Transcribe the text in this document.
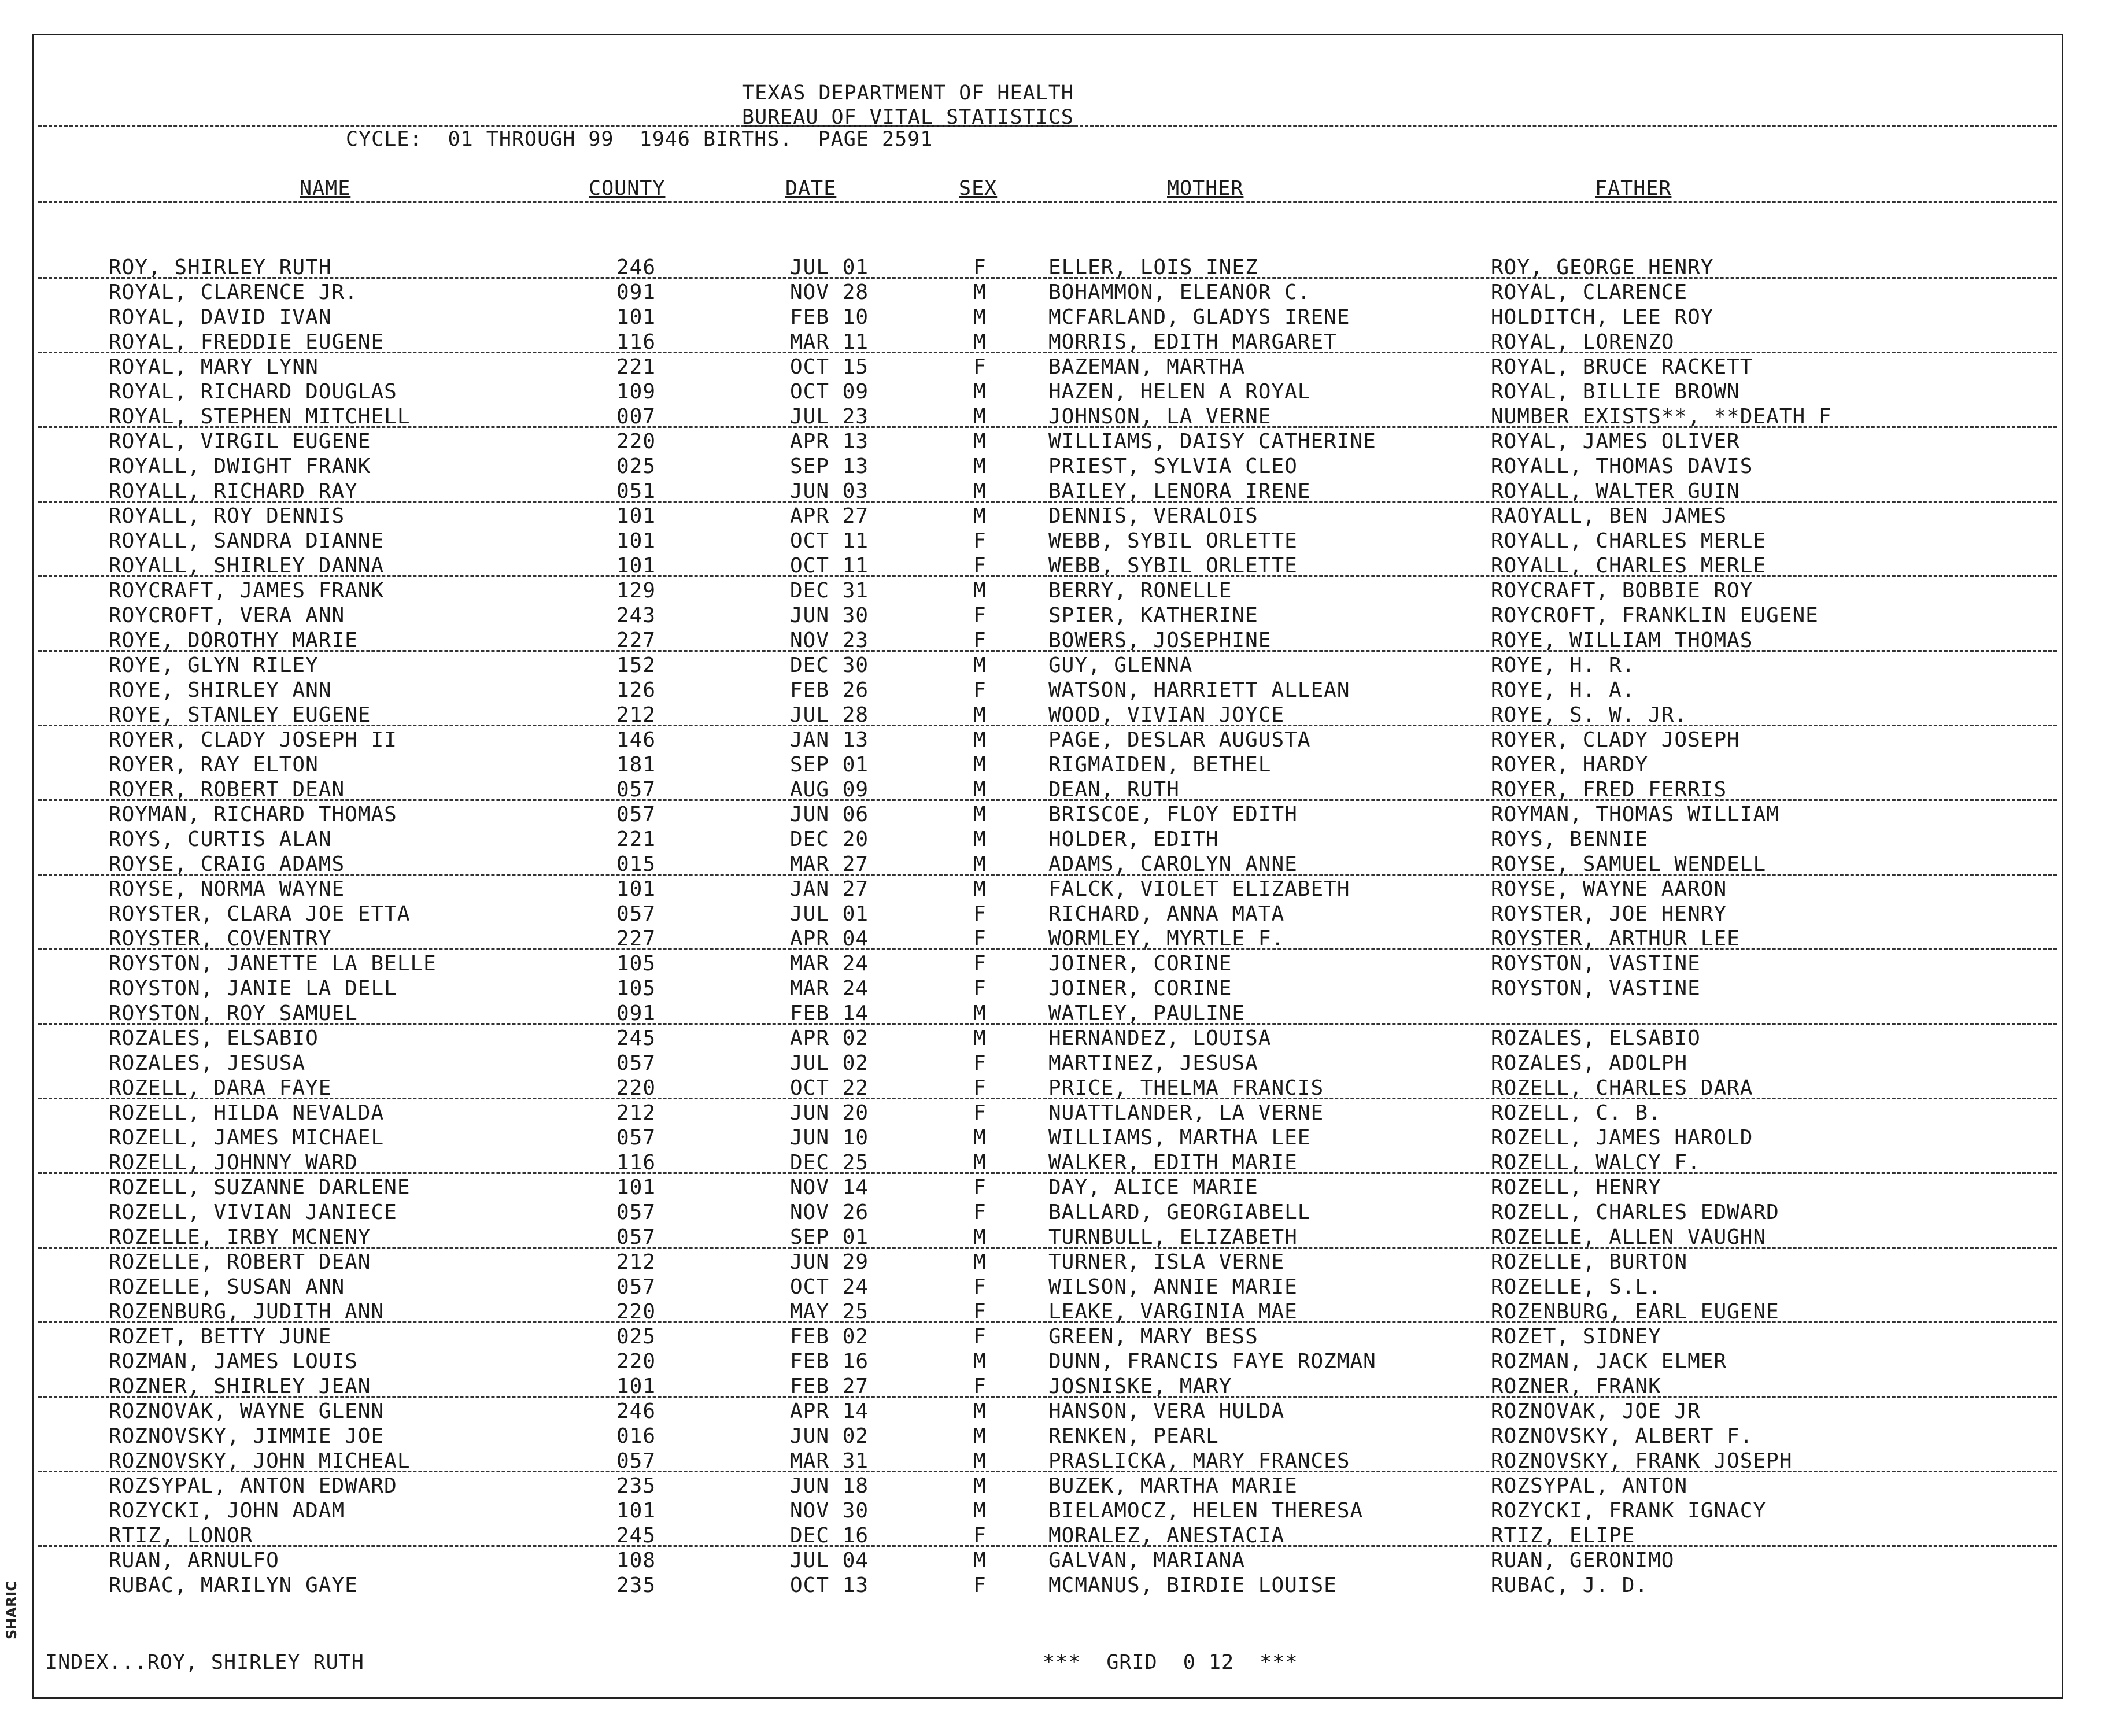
TEXAS DEPARTMENT OF HEALTH
BUREAU OF VITAL STATISTICS
CYCLE:  01 THROUGH 99  1946 BIRTHS.  PAGE 2591
NAME	COUNTY	DATE	SEX	MOTHER	FATHER
ROY, SHIRLEY RUTH	246	JUL 01	F	ELLER, LOIS INEZ	ROY, GEORGE HENRY
ROYAL, CLARENCE JR.	091	NOV 28	M	BOHAMMON, ELEANOR C.	ROYAL, CLARENCE
ROYAL, DAVID IVAN	101	FEB 10	M	MCFARLAND, GLADYS IRENE	HOLDITCH, LEE ROY
ROYAL, FREDDIE EUGENE	116	MAR 11	M	MORRIS, EDITH MARGARET	ROYAL, LORENZO
ROYAL, MARY LYNN	221	OCT 15	F	BAZEMAN, MARTHA	ROYAL, BRUCE RACKETT
ROYAL, RICHARD DOUGLAS	109	OCT 09	M	HAZEN, HELEN A ROYAL	ROYAL, BILLIE BROWN
ROYAL, STEPHEN MITCHELL	007	JUL 23	M	JOHNSON, LA VERNE	NUMBER EXISTS**, **DEATH F
ROYAL, VIRGIL EUGENE	220	APR 13	M	WILLIAMS, DAISY CATHERINE	ROYAL, JAMES OLIVER
ROYALL, DWIGHT FRANK	025	SEP 13	M	PRIEST, SYLVIA CLEO	ROYALL, THOMAS DAVIS
ROYALL, RICHARD RAY	051	JUN 03	M	BAILEY, LENORA IRENE	ROYALL, WALTER GUIN
ROYALL, ROY DENNIS	101	APR 27	M	DENNIS, VERALOIS	RAOYALL, BEN JAMES
ROYALL, SANDRA DIANNE	101	OCT 11	F	WEBB, SYBIL ORLETTE	ROYALL, CHARLES MERLE
ROYALL, SHIRLEY DANNA	101	OCT 11	F	WEBB, SYBIL ORLETTE	ROYALL, CHARLES MERLE
ROYCRAFT, JAMES FRANK	129	DEC 31	M	BERRY, RONELLE	ROYCRAFT, BOBBIE ROY
ROYCROFT, VERA ANN	243	JUN 30	F	SPIER, KATHERINE	ROYCROFT, FRANKLIN EUGENE
ROYE, DOROTHY MARIE	227	NOV 23	F	BOWERS, JOSEPHINE	ROYE, WILLIAM THOMAS
ROYE, GLYN RILEY	152	DEC 30	M	GUY, GLENNA	ROYE, H. R.
ROYE, SHIRLEY ANN	126	FEB 26	F	WATSON, HARRIETT ALLEAN	ROYE, H. A.
ROYE, STANLEY EUGENE	212	JUL 28	M	WOOD, VIVIAN JOYCE	ROYE, S. W. JR.
ROYER, CLADY JOSEPH II	146	JAN 13	M	PAGE, DESLAR AUGUSTA	ROYER, CLADY JOSEPH
ROYER, RAY ELTON	181	SEP 01	M	RIGMAIDEN, BETHEL	ROYER, HARDY
ROYER, ROBERT DEAN	057	AUG 09	M	DEAN, RUTH	ROYER, FRED FERRIS
ROYMAN, RICHARD THOMAS	057	JUN 06	M	BRISCOE, FLOY EDITH	ROYMAN, THOMAS WILLIAM
ROYS, CURTIS ALAN	221	DEC 20	M	HOLDER, EDITH	ROYS, BENNIE
ROYSE, CRAIG ADAMS	015	MAR 27	M	ADAMS, CAROLYN ANNE	ROYSE, SAMUEL WENDELL
ROYSE, NORMA WAYNE	101	JAN 27	M	FALCK, VIOLET ELIZABETH	ROYSE, WAYNE AARON
ROYSTER, CLARA JOE ETTA	057	JUL 01	F	RICHARD, ANNA MATA	ROYSTER, JOE HENRY
ROYSTER, COVENTRY	227	APR 04	F	WORMLEY, MYRTLE F.	ROYSTER, ARTHUR LEE
ROYSTON, JANETTE LA BELLE	105	MAR 24	F	JOINER, CORINE	ROYSTON, VASTINE
ROYSTON, JANIE LA DELL	105	MAR 24	F	JOINER, CORINE	ROYSTON, VASTINE
ROYSTON, ROY SAMUEL	091	FEB 14	M	WATLEY, PAULINE
ROZALES, ELSABIO	245	APR 02	M	HERNANDEZ, LOUISA	ROZALES, ELSABIO
ROZALES, JESUSA	057	JUL 02	F	MARTINEZ, JESUSA	ROZALES, ADOLPH
ROZELL, DARA FAYE	220	OCT 22	F	PRICE, THELMA FRANCIS	ROZELL, CHARLES DARA
ROZELL, HILDA NEVALDA	212	JUN 20	F	NUATTLANDER, LA VERNE	ROZELL, C. B.
ROZELL, JAMES MICHAEL	057	JUN 10	M	WILLIAMS, MARTHA LEE	ROZELL, JAMES HAROLD
ROZELL, JOHNNY WARD	116	DEC 25	M	WALKER, EDITH MARIE	ROZELL, WALCY F.
ROZELL, SUZANNE DARLENE	101	NOV 14	F	DAY, ALICE MARIE	ROZELL, HENRY
ROZELL, VIVIAN JANIECE	057	NOV 26	F	BALLARD, GEORGIABELL	ROZELL, CHARLES EDWARD
ROZELLE, IRBY MCNENY	057	SEP 01	M	TURNBULL, ELIZABETH	ROZELLE, ALLEN VAUGHN
ROZELLE, ROBERT DEAN	212	JUN 29	M	TURNER, ISLA VERNE	ROZELLE, BURTON
ROZELLE, SUSAN ANN	057	OCT 24	F	WILSON, ANNIE MARIE	ROZELLE, S.L.
ROZENBURG, JUDITH ANN	220	MAY 25	F	LEAKE, VARGINIA MAE	ROZENBURG, EARL EUGENE
ROZET, BETTY JUNE	025	FEB 02	F	GREEN, MARY BESS	ROZET, SIDNEY
ROZMAN, JAMES LOUIS	220	FEB 16	M	DUNN, FRANCIS FAYE ROZMAN	ROZMAN, JACK ELMER
ROZNER, SHIRLEY JEAN	101	FEB 27	F	JOSNISKE, MARY	ROZNER, FRANK
ROZNOVAK, WAYNE GLENN	246	APR 14	M	HANSON, VERA HULDA	ROZNOVAK, JOE JR
ROZNOVSKY, JIMMIE JOE	016	JUN 02	M	RENKEN, PEARL	ROZNOVSKY, ALBERT F.
ROZNOVSKY, JOHN MICHEAL	057	MAR 31	M	PRASLICKA, MARY FRANCES	ROZNOVSKY, FRANK JOSEPH
ROZSYPAL, ANTON EDWARD	235	JUN 18	M	BUZEK, MARTHA MARIE	ROZSYPAL, ANTON
ROZYCKI, JOHN ADAM	101	NOV 30	M	BIELAMOCZ, HELEN THERESA	ROZYCKI, FRANK IGNACY
RTIZ, LONOR	245	DEC 16	F	MORALEZ, ANESTACIA	RTIZ, ELIPE
RUAN, ARNULFO	108	JUL 04	M	GALVAN, MARIANA	RUAN, GERONIMO
RUBAC, MARILYN GAYE	235	OCT 13	F	MCMANUS, BIRDIE LOUISE	RUBAC, J. D.
INDEX...ROY, SHIRLEY RUTH	***  GRID  0 12  ***
SHARIC
